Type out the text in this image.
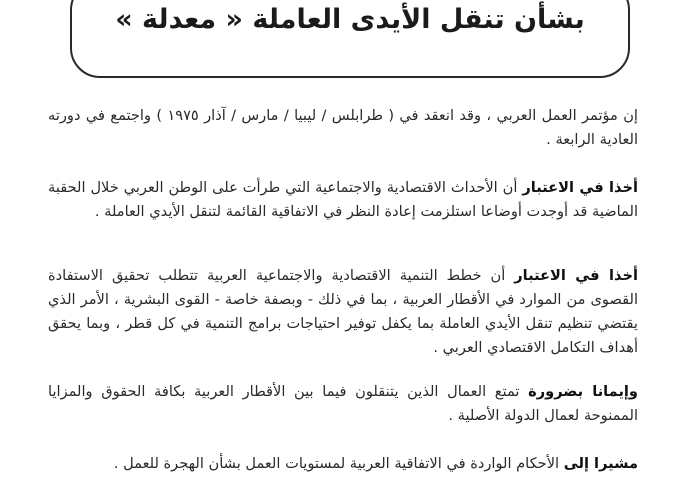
بشأن تنقل الأيدى العاملة « معدلة »

إن مؤتمر العمل العربي ، وقد انعقد في ( طرابلس / ليبيا / مارس / آذار ١٩٧٥ ) واجتمع في دورته العادية الرابعة .

أخذا في الاعتبار أن الأحداث الاقتصادية والاجتماعية التي طرأت على الوطن العربي خلال الحقبة الماضية قد أوجدت أوضاعا استلزمت إعادة النظر في الاتفاقية القائمة لتنقل الأيدي العاملة .

أخذا في الاعتبار أن خطط التنمية الاقتصادية والاجتماعية العربية تتطلب تحقيق الاستفادة القصوى من الموارد في الأقطار العربية ، بما في ذلك - وبصفة خاصة - القوى البشرية ، الأمر الذي يقتضي تنظيم تنقل الأيدي العاملة بما يكفل توفير احتياجات برامج التنمية في كل قطر ، وبما يحقق أهداف التكامل الاقتصادي العربي .

وإيمانا بضرورة تمتع العمال الذين يتنقلون فيما بين الأقطار العربية بكافة الحقوق والمزايا الممنوحة لعمال الدولة الأصلية .

مشيرا إلى الأحكام الواردة في الاتفاقية العربية لمستويات العمل بشأن الهجرة للعمل .
